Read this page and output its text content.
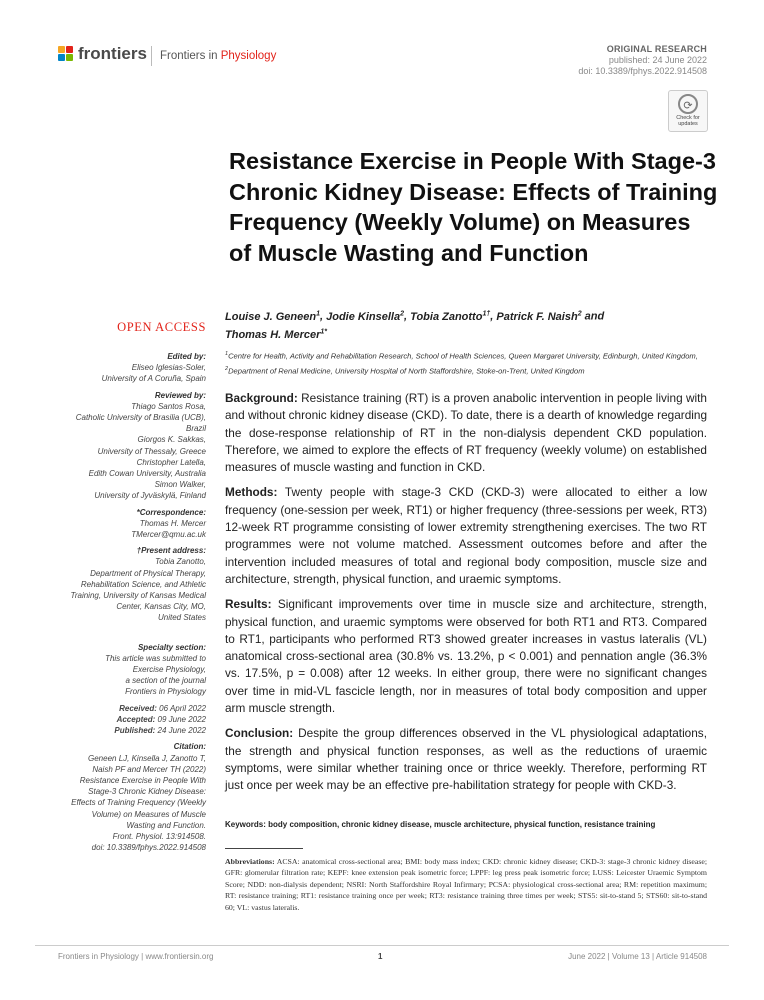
frontiers Frontiers in Physiology
ORIGINAL RESEARCH
published: 24 June 2022
doi: 10.3389/fphys.2022.914508
⟳
Check for updates
Resistance Exercise in People With Stage-3 Chronic Kidney Disease: Effects of Training Frequency (Weekly Volume) on Measures of Muscle Wasting and Function
Louise J. Geneen$^1$, Jodie Kinsella$^2$, Tobia Zanotto$^{1\dagger}$, Patrick F. Naish$^2$ and
Thomas H. Mercer$^{1*}$
$^1$Centre for Health, Activity and Rehabilitation Research, School of Health Sciences, Queen Margaret University, Edinburgh, United Kingdom, $^2$Department of Renal Medicine, University Hospital of North Staffordshire, Stoke-on-Trent, United Kingdom
OPEN ACCESS
Edited by:
Eliseo Iglesias-Soler,
University of A Coruña, Spain
Reviewed by:
Thiago Santos Rosa,
Catholic University of Brasilia (UCB),
Brazil
Giorgos K. Sakkas,
University of Thessaly, Greece
Christopher Latella,
Edith Cowan University, Australia
Simon Walker,
University of Jyväskylä, Finland
*Correspondence:
Thomas H. Mercer
TMercer@qmu.ac.uk
†Present address:
Tobia Zanotto,
Department of Physical Therapy,
Rehabilitation Science, and Athletic
Training, University of Kansas Medical
Center, Kansas City, MO,
United States
Specialty section:
This article was submitted to
Exercise Physiology,
a section of the journal
Frontiers in Physiology
Received: 06 April 2022
Accepted: 09 June 2022
Published: 24 June 2022
Citation:
Geneen LJ, Kinsella J, Zanotto T,
Naish PF and Mercer TH (2022)
Resistance Exercise in People With
Stage-3 Chronic Kidney Disease:
Effects of Training Frequency (Weekly
Volume) on Measures of Muscle
Wasting and Function.
Front. Physiol. 13:914508.
doi: 10.3389/fphys.2022.914508

Background: Resistance training (RT) is a proven anabolic intervention in people living with and without chronic kidney disease (CKD). To date, there is a dearth of knowledge regarding the dose-response relationship of RT in the non-dialysis dependent CKD population. Therefore, we aimed to explore the effects of RT frequency (weekly volume) on established measures of muscle wasting and function in CKD.

Methods: Twenty people with stage-3 CKD (CKD-3) were allocated to either a low frequency (one-session per week, RT1) or higher frequency (three-sessions per week, RT3) 12-week RT programme consisting of lower extremity strengthening exercises. The two RT programmes were not volume matched. Assessment outcomes before and after the intervention included measures of total and regional body composition, muscle size and architecture, strength, physical function, and uraemic symptoms.

Results: Significant improvements over time in muscle size and architecture, strength, physical function, and uraemic symptoms were observed for both RT1 and RT3. Compared to RT1, participants who performed RT3 showed greater increases in vastus lateralis (VL) anatomical cross-sectional area (30.8% vs. 13.2%, p < 0.001) and pennation angle (36.3% vs. 17.5%, p = 0.008) after 12 weeks. In either group, there were no significant changes over time in mid-VL fascicle length, nor in measures of total body composition and upper arm muscle strength.

Conclusion: Despite the group differences observed in the VL physiological adaptations, the strength and physical function responses, as well as the reductions of uraemic symptoms, were similar whether training once or thrice weekly. Therefore, performing RT just once per week may be an effective pre-habilitation strategy for people with CKD-3.

Keywords: body composition, chronic kidney disease, muscle architecture, physical function, resistance training
Abbreviations: ACSA: anatomical cross-sectional area; BMI: body mass index; CKD: chronic kidney disease; CKD-3: stage-3 chronic kidney disease; GFR: glomerular filtration rate; KEPF: knee extension peak isometric force; LPPF: leg press peak isometric force; LUSS: Leicester Uraemic Symptom Score; NDD: non-dialysis dependent; NSRI: North Staffordshire Royal Infirmary; PCSA: physiological cross-sectional area; RM: repetition maximum; RT: resistance training; RT1: resistance training once per week; RT3: resistance training three times per week; STS5: sit-to-stand 5; STS60: sit-to-stand 60; VL: vastus lateralis.
Frontiers in Physiology | www.frontiersin.org	1	June 2022 | Volume 13 | Article 914508
